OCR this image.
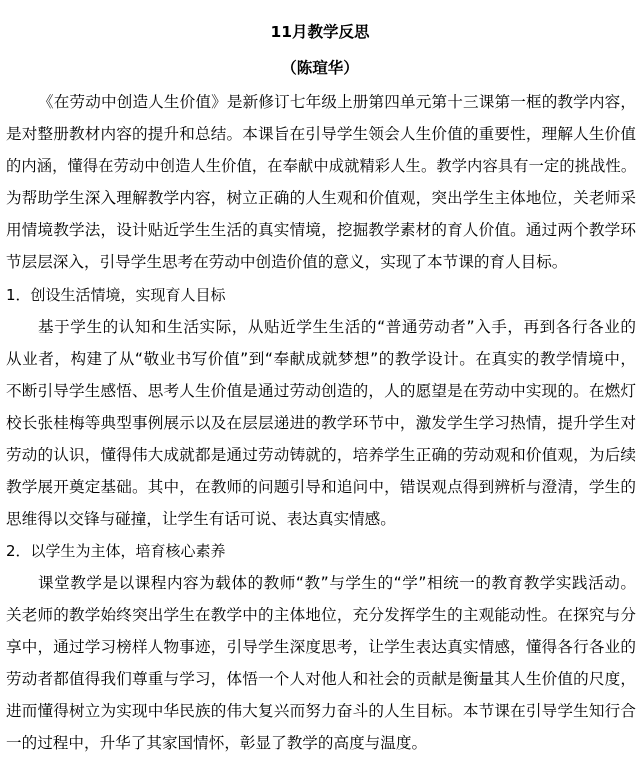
11月教学反思
（陈瑄华）
《在劳动中创造人生价值》是新修订七年级上册第四单元第十三课第一框的教学内容，
是对整册教材内容的提升和总结。本课旨在引导学生领会人生价值的重要性，理解人生价值
的内涵，懂得在劳动中创造人生价值，在奉献中成就精彩人生。教学内容具有一定的挑战性。
为帮助学生深入理解教学内容，树立正确的人生观和价值观，突出学生主体地位，关老师采
用情境教学法，设计贴近学生生活的真实情境，挖掘教学素材的育人价值。通过两个教学环
节层层深入，引导学生思考在劳动中创造价值的意义，实现了本节课的育人目标。
1．创设生活情境，实现育人目标
基于学生的认知和生活实际，从贴近学生生活的“普通劳动者”入手，再到各行各业的
从业者，构建了从“敬业书写价值”到“奉献成就梦想”的教学设计。在真实的教学情境中，
不断引导学生感悟、思考人生价值是通过劳动创造的，人的愿望是在劳动中实现的。在燃灯
校长张桂梅等典型事例展示以及在层层递进的教学环节中，激发学生学习热情，提升学生对
劳动的认识，懂得伟大成就都是通过劳动铸就的，培养学生正确的劳动观和价值观，为后续
教学展开奠定基础。其中，在教师的问题引导和追问中，错误观点得到辨析与澄清，学生的
思维得以交锋与碰撞，让学生有话可说、表达真实情感。
2．以学生为主体，培育核心素养
课堂教学是以课程内容为载体的教师“教”与学生的“学”相统一的教育教学实践活动。
关老师的教学始终突出学生在教学中的主体地位，充分发挥学生的主观能动性。在探究与分
享中，通过学习榜样人物事迹，引导学生深度思考，让学生表达真实情感，懂得各行各业的
劳动者都值得我们尊重与学习，体悟一个人对他人和社会的贡献是衡量其人生价值的尺度，
进而懂得树立为实现中华民族的伟大复兴而努力奋斗的人生目标。本节课在引导学生知行合
一的过程中，升华了其家国情怀，彰显了教学的高度与温度。
